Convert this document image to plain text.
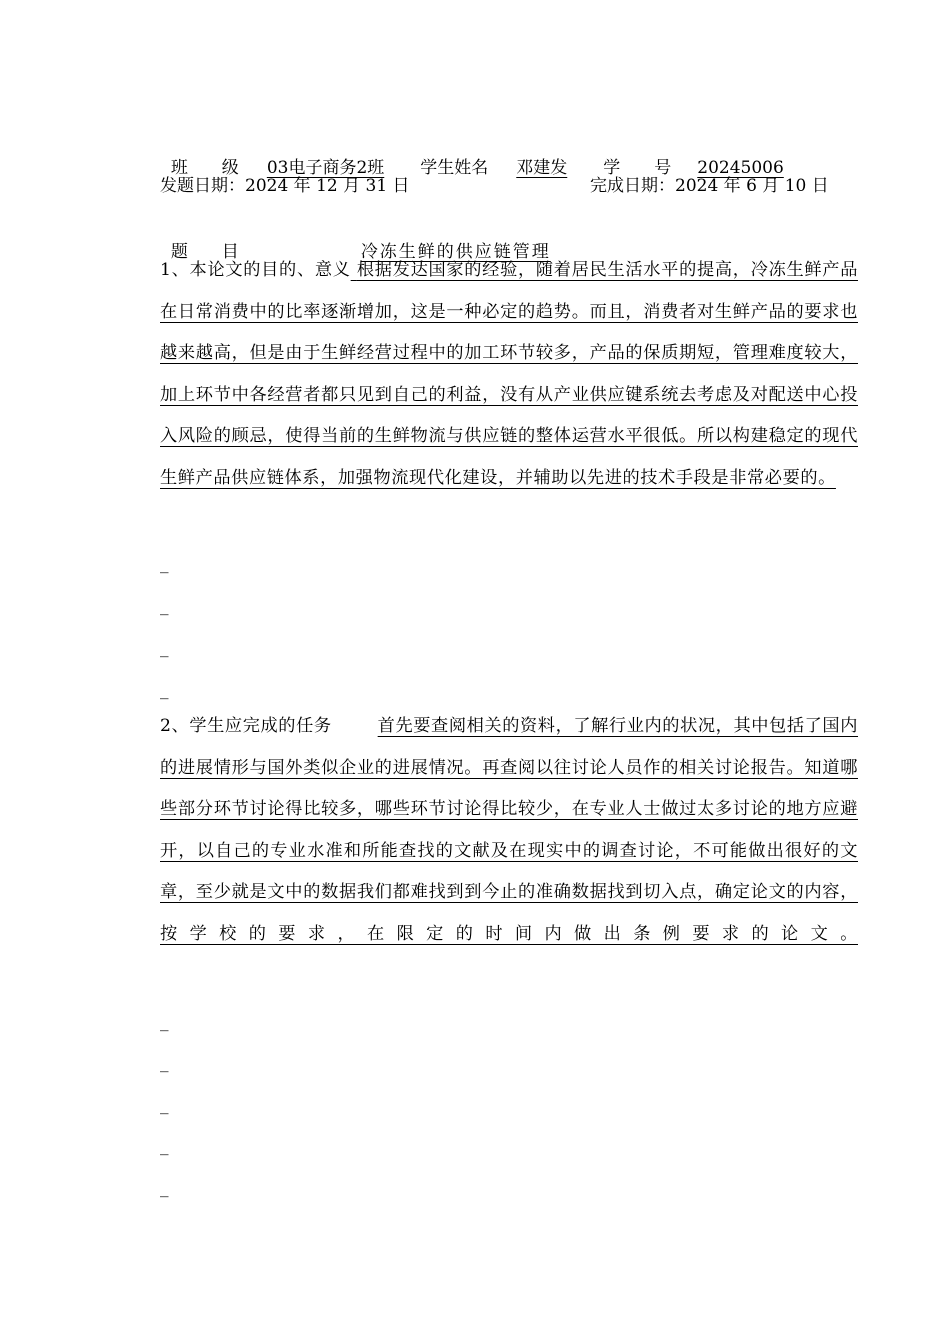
班　　级 03电子商务2班 学生姓名 邓建发 学　　号 20245006

发题日期：2024 年 12 月 31 日	完成日期：2024 年 6 月 10 日

题　　目	冷冻生鲜的供应链管理

1、本论文的目的、意义 根据发达国家的经验，随着居民生活水平的提高，冷冻生鲜产品在日常消费中的比率逐渐增加，这是一种必定的趋势。而且，消费者对生鲜产品的要求也越来越高，但是由于生鲜经营过程中的加工环节较多，产品的保质期短，管理难度较大，加上环节中各经营者都只见到自己的利益，没有从产业供应键系统去考虑及对配送中心投入风险的顾忌，使得当前的生鲜物流与供应链的整体运营水平很低。所以构建稳定的现代生鲜产品供应链体系，加强物流现代化建设，并辅助以先进的技术手段是非常必要的。
_
_
_
_
2、学生应完成的任务	首先要查阅相关的资料，了解行业内的状况，其中包括了国内的进展情形与国外类似企业的进展情况。再查阅以往讨论人员作的相关讨论报告。知道哪些部分环节讨论得比较多，哪些环节讨论得比较少，在专业人士做过太多讨论的地方应避开，以自己的专业水准和所能查找的文献及在现实中的调查讨论，不可能做出很好的文章，至少就是文中的数据我们都难找到到今止的准确数据找到切入点，确定论文的内容，按学校的要求，在限定的时间内做出条例要求的论文。
_
_
_
_
_
